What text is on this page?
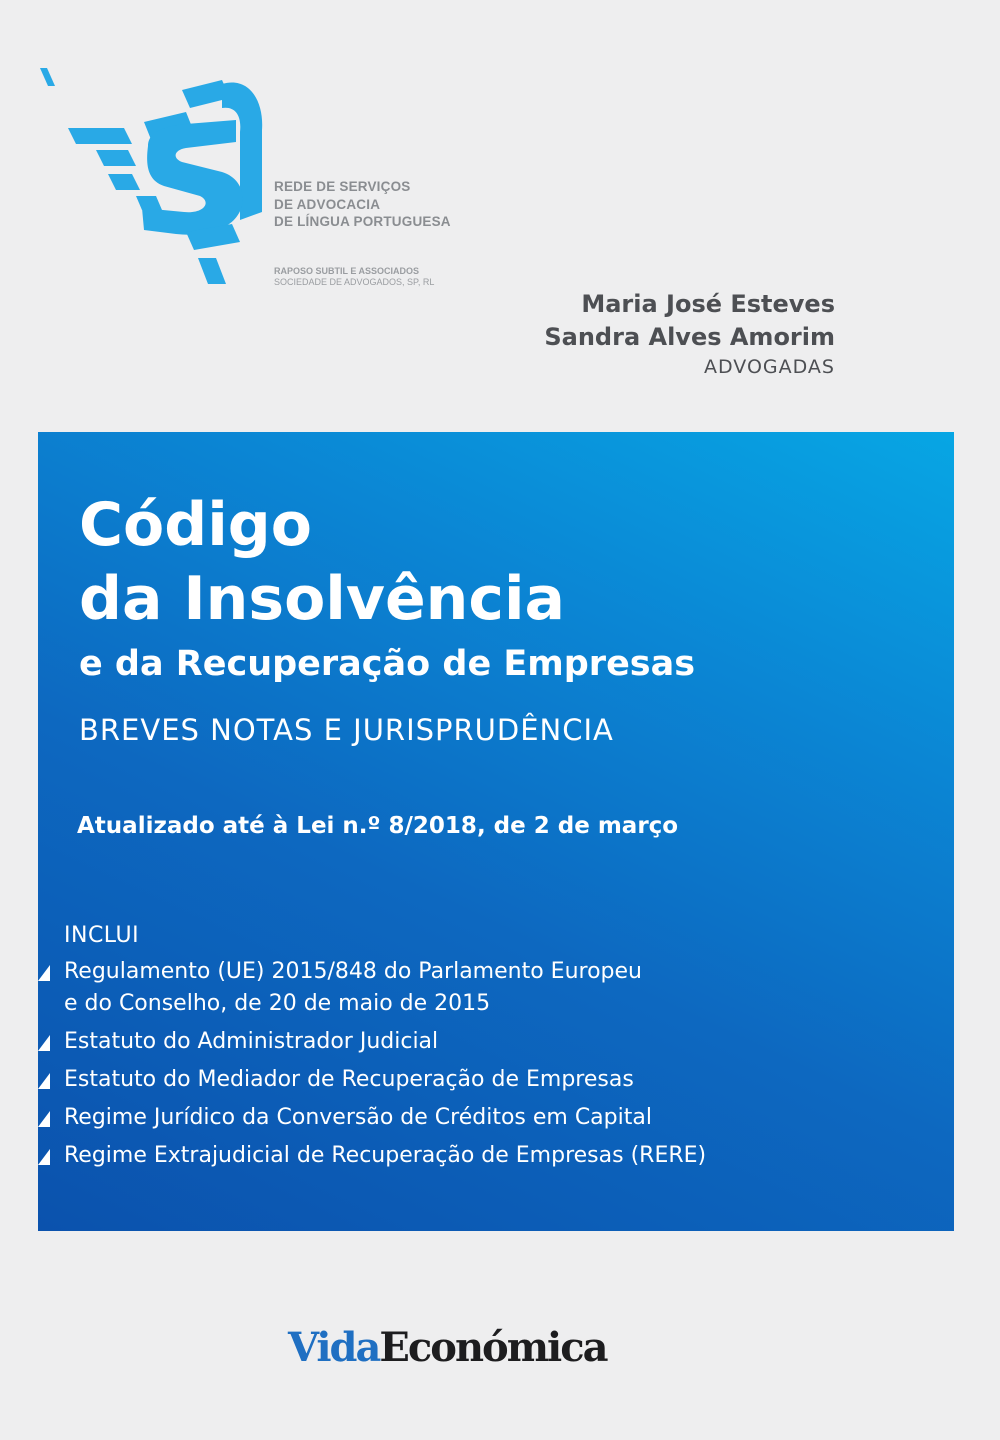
REDE DE SERVIÇOS
DE ADVOCACIA
DE LÍNGUA PORTUGUESA
RAPOSO SUBTIL E ASSOCIADOS
SOCIEDADE DE ADVOGADOS, SP, RL
Maria José Esteves
Sandra Alves Amorim
ADVOGADAS
Código
da Insolvência
e da Recuperação de Empresas
BREVES NOTAS E JURISPRUDÊNCIA
Atualizado até à Lei n.º 8/2018, de 2 de março
INCLUI
Regulamento (UE) 2015/848 do Parlamento Europeu
e do Conselho, de 20 de maio de 2015
Estatuto do Administrador Judicial
Estatuto do Mediador de Recuperação de Empresas
Regime Jurídico da Conversão de Créditos em Capital
Regime Extrajudicial de Recuperação de Empresas (RERE)
VidaEconómica
